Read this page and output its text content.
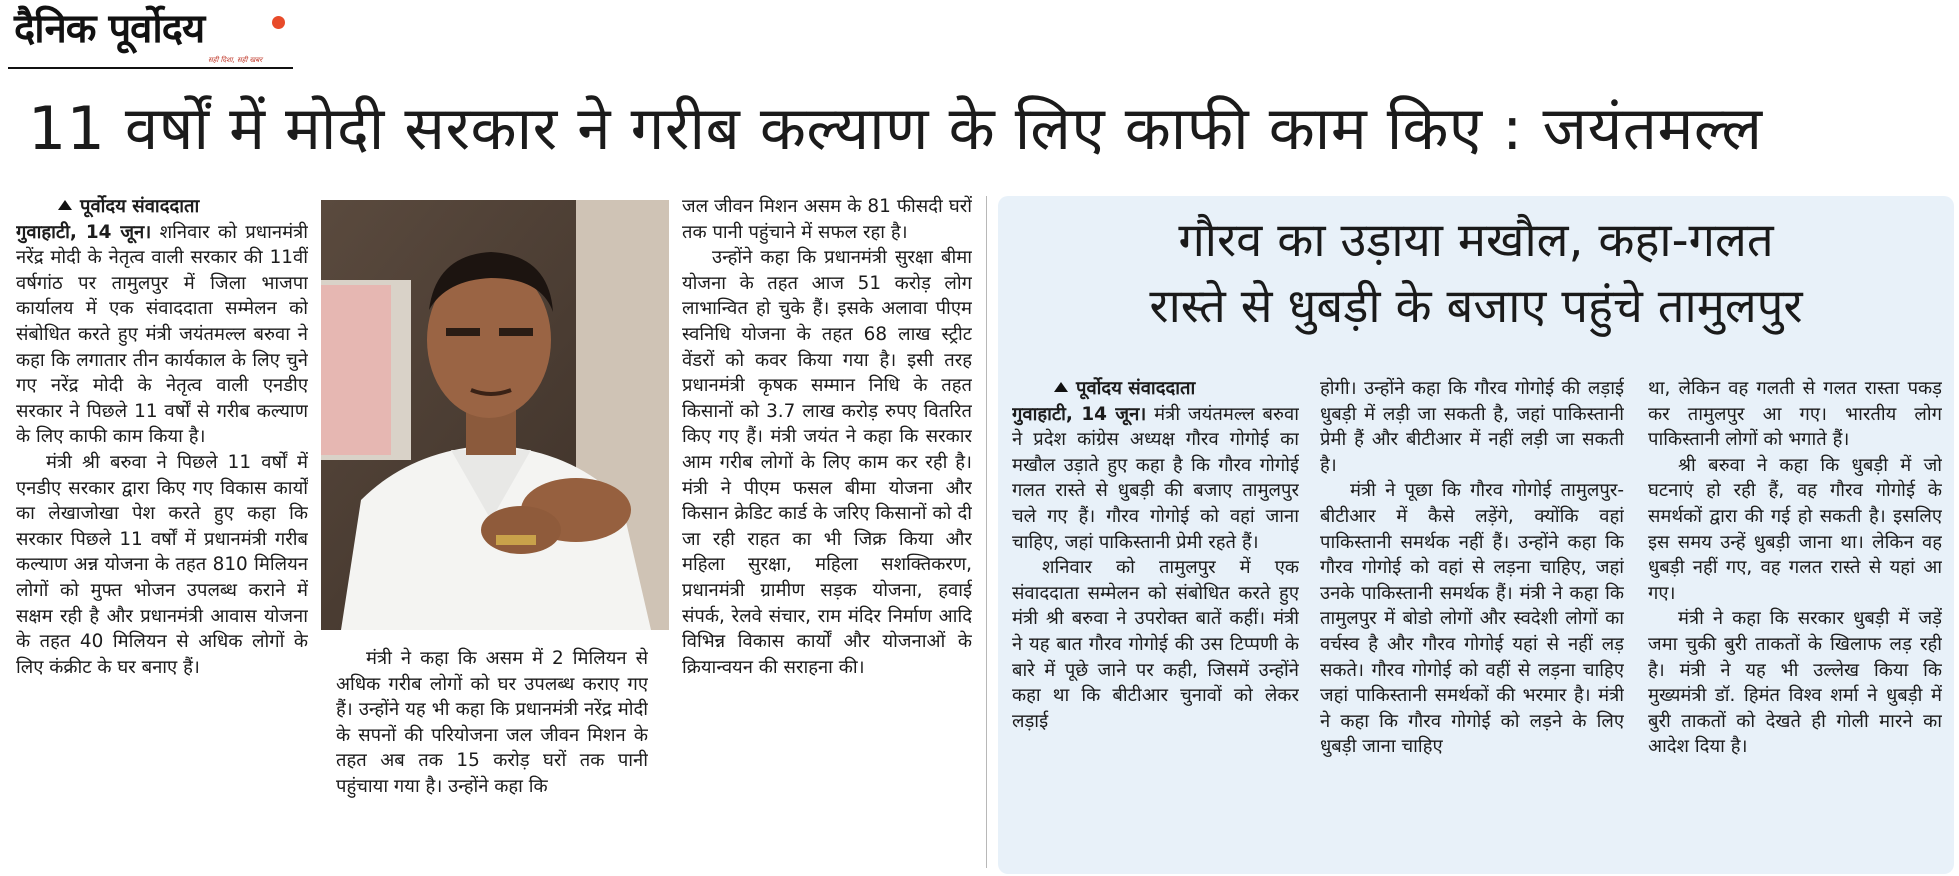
दैनिक पूर्वोदय
सही दिशा, सही खबर
11 वर्षों में मोदी सरकार ने गरीब कल्याण के लिए काफी काम किए : जयंतमल्ल
पूर्वोदय संवाददाता
गुवाहाटी, 14 जून। शनिवार को प्रधानमंत्री नरेंद्र मोदी के नेतृत्व वाली सरकार की 11वीं वर्षगांठ पर तामुलपुर में जिला भाजपा कार्यालय में एक संवाददाता सम्मेलन को संबोधित करते हुए मंत्री जयंतमल्ल बरुवा ने कहा कि लगातार तीन कार्यकाल के लिए चुने गए नरेंद्र मोदी के नेतृत्व वाली एनडीए सरकार ने पिछले 11 वर्षों से गरीब कल्याण के लिए काफी काम किया है।
मंत्री श्री बरुवा ने पिछले 11 वर्षों में एनडीए सरकार द्वारा किए गए विकास कार्यों का लेखाजोखा पेश करते हुए कहा कि सरकार पिछले 11 वर्षों में प्रधानमंत्री गरीब कल्याण अन्न योजना के तहत 810 मिलियन लोगों को मुफ्त भोजन उपलब्ध कराने में सक्षम रही है और प्रधानमंत्री आवास योजना के तहत 40 मिलियन से अधिक लोगों के लिए कंक्रीट के घर बनाए हैं।	मंत्री ने कहा कि असम में 2 मिलियन से अधिक गरीब लोगों को घर उपलब्ध कराए गए हैं। उन्होंने यह भी कहा कि प्रधानमंत्री नरेंद्र मोदी के सपनों की परियोजना जल जीवन मिशन के तहत अब तक 15 करोड़ घरों तक पानी पहुंचाया गया है। उन्होंने कहा कि
जल जीवन मिशन असम के 81 फीसदी घरों तक पानी पहुंचाने में सफल रहा है।
उन्होंने कहा कि प्रधानमंत्री सुरक्षा बीमा योजना के तहत आज 51 करोड़ लोग लाभान्वित हो चुके हैं। इसके अलावा पीएम स्वनिधि योजना के तहत 68 लाख स्ट्रीट वेंडरों को कवर किया गया है। इसी तरह प्रधानमंत्री कृषक सम्मान निधि के तहत किसानों को 3.7 लाख करोड़ रुपए वितरित किए गए हैं। मंत्री जयंत ने कहा कि सरकार आम गरीब लोगों के लिए काम कर रही है। मंत्री ने पीएम फसल बीमा योजना और किसान क्रेडिट कार्ड के जरिए किसानों को दी जा रही राहत का भी जिक्र किया और महिला सुरक्षा, महिला सशक्तिकरण, प्रधानमंत्री ग्रामीण सड़क योजना, हवाई संपर्क, रेलवे संचार, राम मंदिर निर्माण आदि विभिन्न विकास कार्यों और योजनाओं के क्रियान्वयन की सराहना की।
गौरव का उड़ाया मखौल, कहा-गलत
रास्ते से धुबड़ी के बजाए पहुंचे तामुलपुर
पूर्वोदय संवाददाता
गुवाहाटी, 14 जून। मंत्री जयंतमल्ल बरुवा ने प्रदेश कांग्रेस अध्यक्ष गौरव गोगोई का मखौल उड़ाते हुए कहा है कि गौरव गोगोई गलत रास्ते से धुबड़ी की बजाए तामुलपुर चले गए हैं। गौरव गोगोई को वहां जाना चाहिए, जहां पाकिस्तानी प्रेमी रहते हैं।
शनिवार को तामुलपुर में एक संवाददाता सम्मेलन को संबोधित करते हुए मंत्री श्री बरुवा ने उपरोक्त बातें कहीं। मंत्री ने यह बात गौरव गोगोई की उस टिप्पणी के बारे में पूछे जाने पर कही, जिसमें उन्होंने कहा था कि बीटीआर चुनावों को लेकर लड़ाई
होगी। उन्होंने कहा कि गौरव गोगोई की लड़ाई धुबड़ी में लड़ी जा सकती है, जहां पाकिस्तानी प्रेमी हैं और बीटीआर में नहीं लड़ी जा सकती है।
मंत्री ने पूछा कि गौरव गोगोई तामुलपुर-बीटीआर में कैसे लड़ेंगे, क्योंकि वहां पाकिस्तानी समर्थक नहीं हैं। उन्होंने कहा कि गौरव गोगोई को वहां से लड़ना चाहिए, जहां उनके पाकिस्तानी समर्थक हैं। मंत्री ने कहा कि तामुलपुर में बोडो लोगों और स्वदेशी लोगों का वर्चस्व है और गौरव गोगोई यहां से नहीं लड़ सकते। गौरव गोगोई को वहीं से लड़ना चाहिए जहां पाकिस्तानी समर्थकों की भरमार है। मंत्री ने कहा कि गौरव गोगोई को लड़ने के लिए धुबड़ी जाना चाहिए
था, लेकिन वह गलती से गलत रास्ता पकड़ कर तामुलपुर आ गए। भारतीय लोग पाकिस्तानी लोगों को भगाते हैं।
श्री बरुवा ने कहा कि धुबड़ी में जो घटनाएं हो रही हैं, वह गौरव गोगोई के समर्थकों द्वारा की गई हो सकती है। इसलिए इस समय उन्हें धुबड़ी जाना था। लेकिन वह धुबड़ी नहीं गए, वह गलत रास्ते से यहां आ गए।
मंत्री ने कहा कि सरकार धुबड़ी में जड़ें जमा चुकी बुरी ताकतों के खिलाफ लड़ रही है। मंत्री ने यह भी उल्लेख किया कि मुख्यमंत्री डॉ. हिमंत विश्व शर्मा ने धुबड़ी में बुरी ताकतों को देखते ही गोली मारने का आदेश दिया है।
